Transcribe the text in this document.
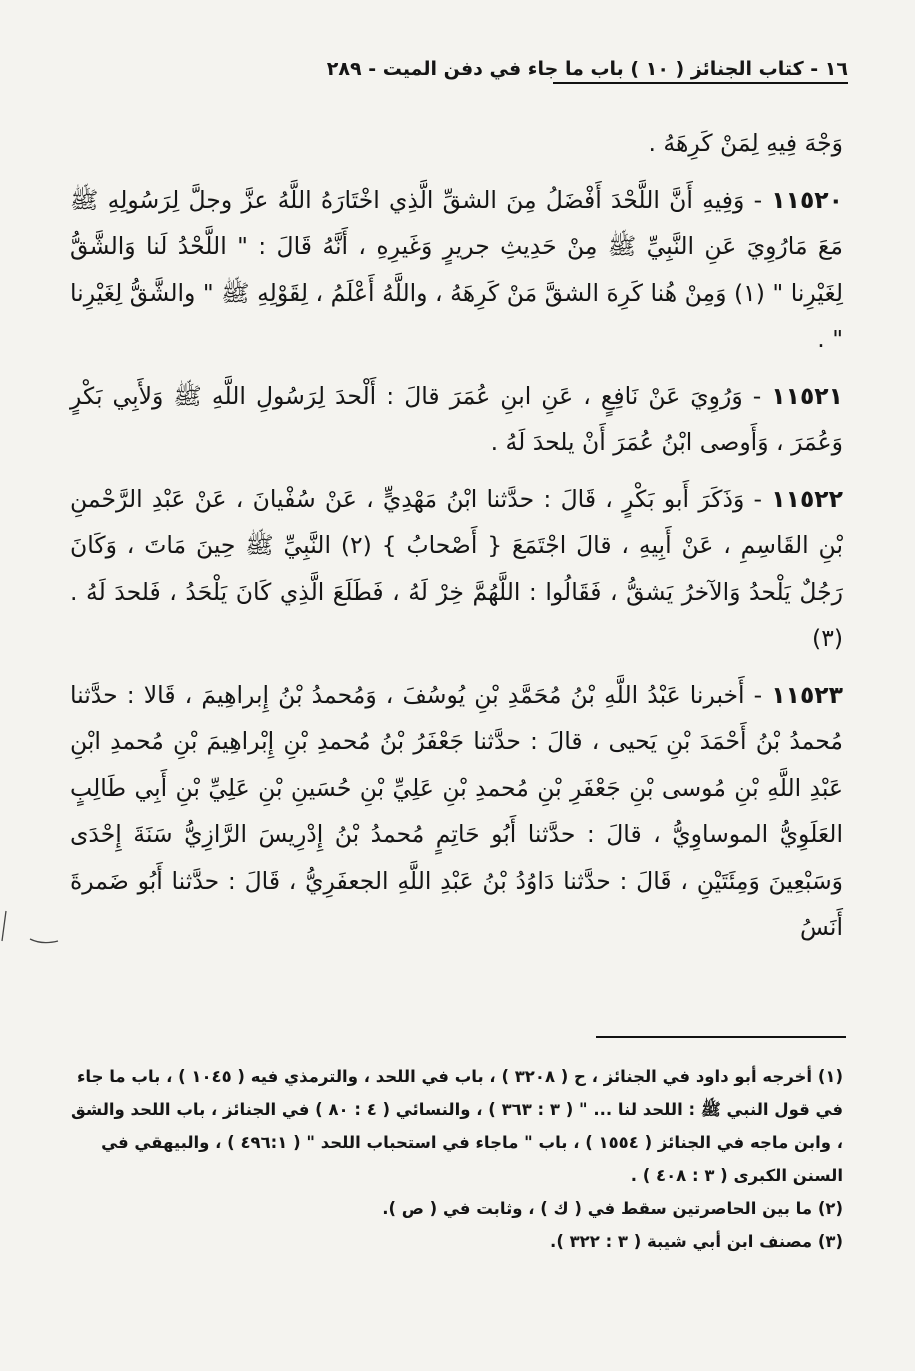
١٦ - كتاب الجنائز ( ١٠ ) باب ما جاء في دفن الميت - ٢٨٩

وَجْهَ فِيهِ لِمَنْ كَرِهَهُ .

١١٥٢٠ - وَفِيهِ أَنَّ اللَّحْدَ أَفْضَلُ مِنَ الشقِّ الَّذِي اخْتَارَهُ اللَّهُ عزَّ وجلَّ لِرَسُولِهِ ﷺ مَعَ مَارُوِيَ عَنِ النَّبِيِّ ﷺ مِنْ حَدِيثِ جريرٍ وَغَيرِهِ ، أَنَّهُ قَالَ : " اللَّحْدُ لَنا وَالشَّقُّ لِغَيْرِنا " (١) وَمِنْ هُنا كَرِهَ الشقَّ مَنْ كَرِهَهُ ، واللَّهُ أَعْلَمُ ، لِقَوْلِهِ ﷺ " والشَّقُّ لِغَيْرِنا " .

١١٥٢١ - وَرُوِيَ عَنْ نَافِعٍ ، عَنِ ابنِ عُمَرَ قالَ : أَلْحدَ لِرَسُولِ اللَّهِ ﷺ وَلأَبِي بَكْرٍ وَعُمَرَ ، وَأَوصى ابْنُ عُمَرَ أَنْ يلحدَ لَهُ .

١١٥٢٢ - وَذَكَرَ أَبو بَكْرٍ ، قَالَ : حدَّثنا ابْنُ مَهْدِيٍّ ، عَنْ سُفْيانَ ، عَنْ عَبْدِ الرَّحْمنِ بْنِ القَاسِمِ ، عَنْ أَبِيهِ ، قالَ اجْتَمَعَ { أَصْحابُ } (٢) النَّبِيِّ ﷺ حِينَ مَاتَ ، وَكَانَ رَجُلٌ يَلْحدُ وَالآخرُ يَشقُّ ، فَقَالُوا : اللَّهُمَّ خِرْ لَهُ ، فَطَلَعَ الَّذِي كَانَ يَلْحَدُ ، فَلحدَ لَهُ . (٣)

١١٥٢٣ - أَخبرنا عَبْدُ اللَّهِ بْنُ مُحَمَّدِ بْنِ يُوسُفَ ، وَمُحمدُ بْنُ إِبراهِيمَ ، قَالا : حدَّثنا مُحمدُ بْنُ أَحْمَدَ بْنِ يَحيى ، قالَ : حدَّثنا جَعْفَرُ بْنُ مُحمدِ بْنِ إِبْراهِيمَ بْنِ مُحمدِ ابْنِ عَبْدِ اللَّهِ بْنِ مُوسى بْنِ جَعْفَرِ بْنِ مُحمدِ بْنِ عَلِيِّ بْنِ حُسَينِ بْنِ عَلِيِّ بْنِ أَبِي طَالِبٍ العَلَوِيُّ الموساوِيُّ ، قالَ : حدَّثنا أَبُو حَاتِمٍ مُحمدُ بْنُ إِدْرِيسَ الرَّازِيُّ سَنَةَ إِحْدَى وَسَبْعِينَ وَمِئَتَيْنِ ، قَالَ : حدَّثنا دَاوُدُ بْنُ عَبْدِ اللَّهِ الجعفَرِيُّ ، قَالَ : حدَّثنا أَبُو ضَمرةَ أَنَسُ

(١) أخرجه أبو داود في الجنائز ، ح ( ٣٢٠٨ ) ، باب في اللحد ، والترمذي فيه ( ١٠٤٥ ) ، باب ما جاء في قول النبي ﷺ : اللحد لنا ... " ( ٣ : ٣٦٣ ) ، والنسائي ( ٤ : ٨٠ ) في الجنائز ، باب اللحد والشق ، وابن ماجه في الجنائز ( ١٥٥٤ ) ، باب " ماجاء في استحباب اللحد " ( ٤٩٦:١ ) ، والبيهقي في السنن الكبرى ( ٣ : ٤٠٨ ) .

(٢) ما بين الحاصرتين سقط في ( ك ) ، وثابت في ( ص ).

(٣) مصنف ابن أبي شيبة ( ٣ : ٣٢٢ ).
